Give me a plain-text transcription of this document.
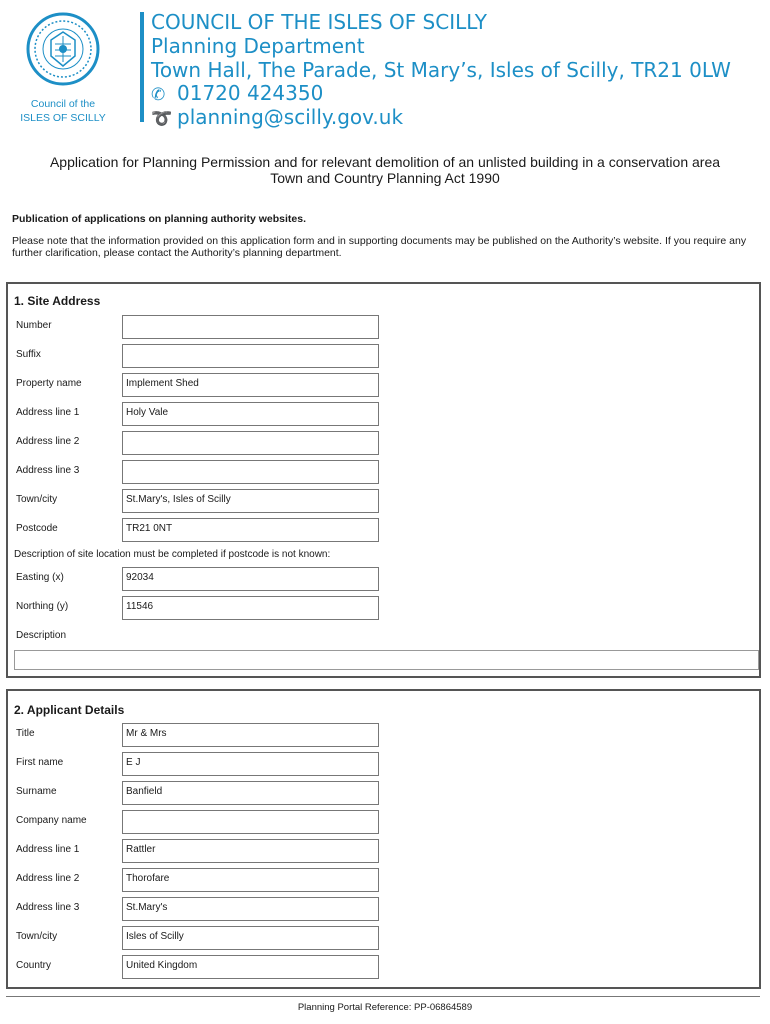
Council of the
ISLES OF SCILLY
COUNCIL OF THE ISLES OF SCILLY
Planning Department
Town Hall, The Parade, St Mary’s, Isles of Scilly, TR21 0LW
✆ 01720 424350
➰ planning@scilly.gov.uk
Application for Planning Permission and for relevant demolition of an unlisted building in a conservation area
Town and Country Planning Act 1990
Publication of applications on planning authority websites.
Please note that the information provided on this application form and in supporting documents may be published on the Authority’s website. If you require any further clarification, please contact the Authority’s planning department.
1. Site Address
Number
Suffix
Property name	Implement Shed
Address line 1	Holy Vale
Address line 2
Address line 3
Town/city	St.Mary's, Isles of Scilly
Postcode	TR21 0NT
Description of site location must be completed if postcode is not known:
Easting (x)	92034
Northing (y)	11546
Description
2. Applicant Details
Title	Mr & Mrs
First name	E J
Surname	Banfield
Company name
Address line 1	Rattler
Address line 2	Thorofare
Address line 3	St.Mary's
Town/city	Isles of Scilly
Country	United Kingdom
Planning Portal Reference: PP-06864589
